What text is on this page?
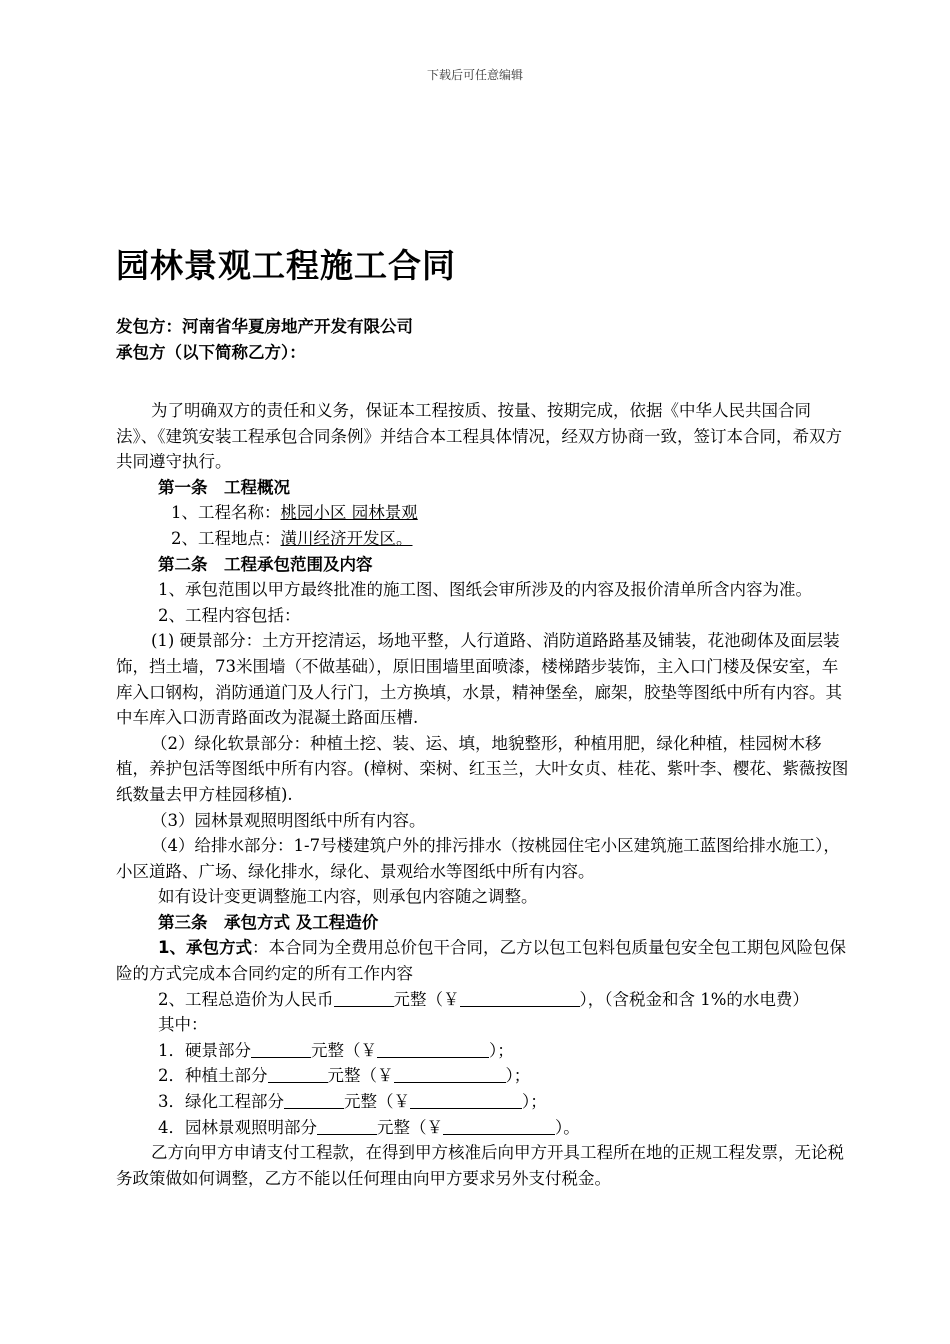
下载后可任意编辑
园林景观工程施工合同
发包方：河南省华夏房地产开发有限公司
承包方（以下简称乙方）：

为了明确双方的责任和义务，保证本工程按质、按量、按期完成，依据《中华人民共国合同法》、《建筑安装工程承包合同条例》并结合本工程具体情况，经双方协商一致，签订本合同，希双方共同遵守执行。

第一条　工程概况

1、工程名称：桃园小区 园林景观

2、工程地点：潢川经济开发区。

第二条　工程承包范围及内容

1、承包范围以甲方最终批准的施工图、图纸会审所涉及的内容及报价清单所含内容为准。

2、工程内容包括：

(1) 硬景部分：土方开挖清运，场地平整，人行道路、消防道路路基及铺装，花池砌体及面层装饰，挡土墙，73米围墙（不做基础），原旧围墙里面喷漆，楼梯踏步装饰，主入口门楼及保安室，车库入口钢构，消防通道门及人行门，土方换填，水景，精神堡垒，廊架，胶垫等图纸中所有内容。其中车库入口沥青路面改为混凝土路面压槽.

（2）绿化软景部分：种植土挖、装、运、填，地貌整形，种植用肥，绿化种植，桂园树木移植，养护包活等图纸中所有内容。(樟树、栾树、红玉兰，大叶女贞、桂花、紫叶李、樱花、紫薇按图纸数量去甲方桂园移植).

（3）园林景观照明图纸中所有内容。

（4）给排水部分：1-7号楼建筑户外的排污排水（按桃园住宅小区建筑施工蓝图给排水施工），小区道路、广场、绿化排水，绿化、景观给水等图纸中所有内容。

如有设计变更调整施工内容，则承包内容随之调整。

第三条　承包方式 及工程造价

1、承包方式：本合同为全费用总价包干合同，乙方以包工包料包质量包安全包工期包风险包保险的方式完成本合同约定的所有工作内容

2、工程总造价为人民币	元整（￥	），（含税金和含 1%的水电费）

其中：

1．硬景部分	元整（￥	）；

2．种植土部分	元整（￥	）；

3．绿化工程部分	元整（￥	）；

4．园林景观照明部分	元整（￥	）。

乙方向甲方申请支付工程款，在得到甲方核准后向甲方开具工程所在地的正规工程发票，无论税务政策做如何调整，乙方不能以任何理由向甲方要求另外支付税金。
